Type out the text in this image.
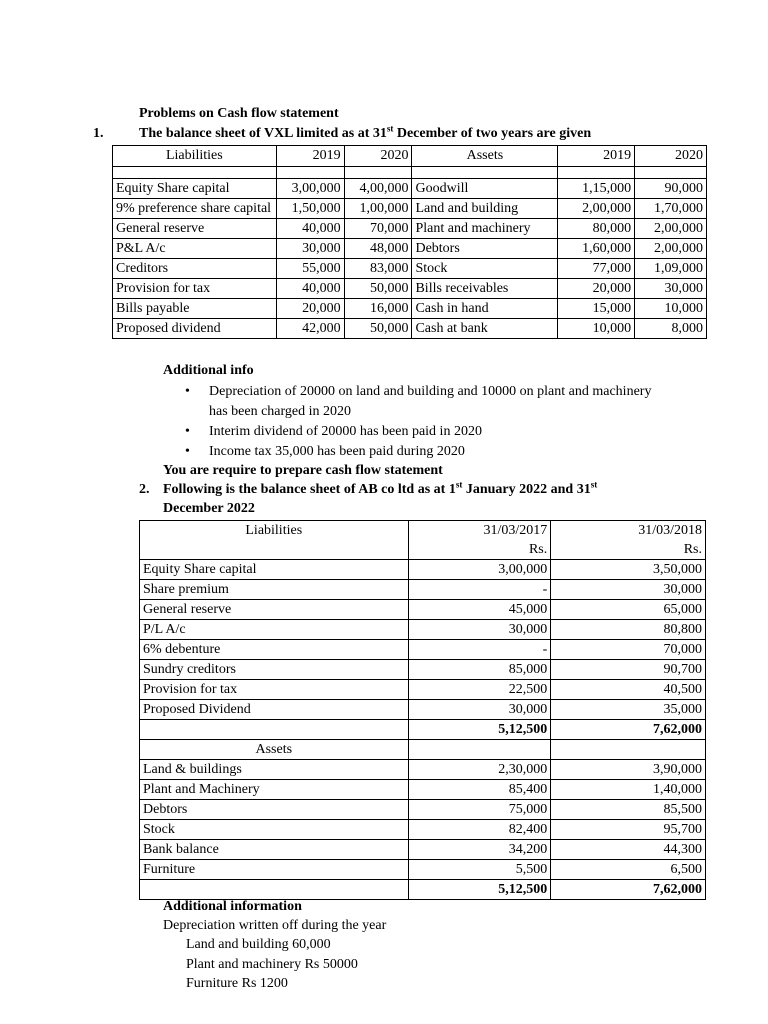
Problems on Cash flow statement
1.	The balance sheet of VXL limited as at 31st December of two years are given
Liabilities	2019	2020	Assets	2019	2020

Equity Share capital	3,00,000	4,00,000	Goodwill	1,15,000	90,000
9% preference share capital	1,50,000	1,00,000	Land and building	2,00,000	1,70,000
General reserve	40,000	70,000	Plant and machinery	80,000	2,00,000
P&L A/c	30,000	48,000	Debtors	1,60,000	2,00,000
Creditors	55,000	83,000	Stock	77,000	1,09,000
Provision for tax	40,000	50,000	Bills receivables	20,000	30,000
Bills payable	20,000	16,000	Cash in hand	15,000	10,000
Proposed dividend	42,000	50,000	Cash at bank	10,000	8,000
Additional info
• Depreciation of 20000 on land and building and 10000 on plant and machinery has been charged in 2020
• Interim dividend of 20000 has been paid in 2020
• Income tax 35,000 has been paid during 2020
You are require to prepare cash flow statement
2. Following is the balance sheet of AB co ltd as at 1st January 2022 and 31st
December 2022
Liabilities	31/03/2017	31/03/2018
	Rs.	Rs.
Equity Share capital	3,00,000	3,50,000
Share premium	-	30,000
General reserve	45,000	65,000
P/L A/c	30,000	80,800
6% debenture	-	70,000
Sundry creditors	85,000	90,700
Provision for tax	22,500	40,500
Proposed Dividend	30,000	35,000
	5,12,500	7,62,000
Assets		
Land & buildings	2,30,000	3,90,000
Plant and Machinery	85,400	1,40,000
Debtors	75,000	85,500
Stock	82,400	95,700
Bank balance	34,200	44,300
Furniture	5,500	6,500
	5,12,500	7,62,000
Additional information
Depreciation written off during the year
Land and building 60,000
Plant and machinery Rs 50000
Furniture Rs 1200
